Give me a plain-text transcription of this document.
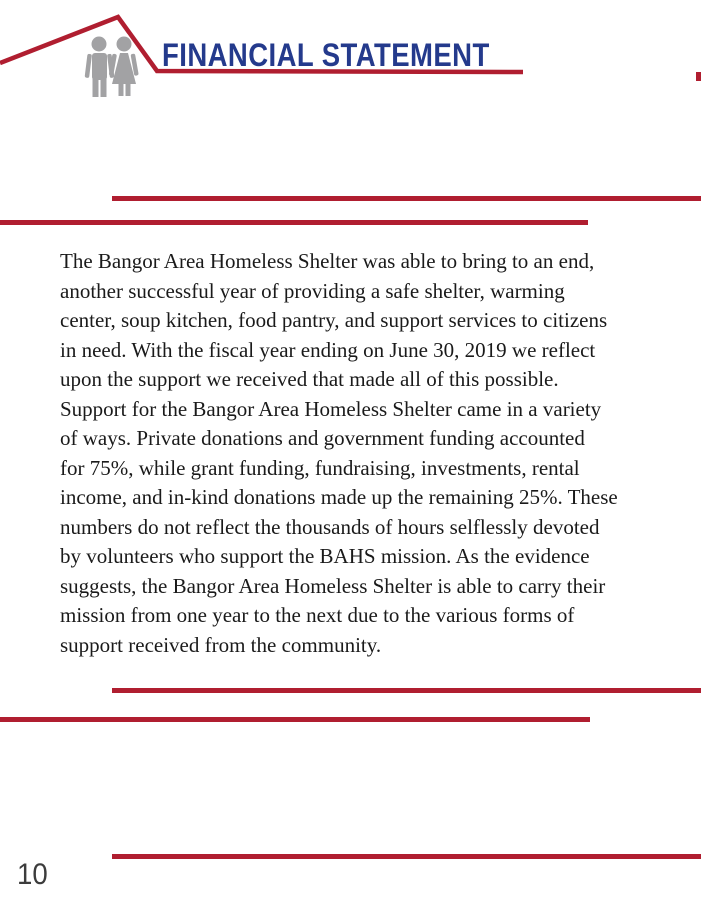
FINANCIAL STATEMENT
The Bangor Area Homeless Shelter was able to bring to an end,
another successful year of providing a safe shelter, warming
center, soup kitchen, food pantry, and support services to citizens
in need. With the fiscal year ending on June 30, 2019 we reflect
upon the support we received that made all of this possible.
Support for the Bangor Area Homeless Shelter came in a variety
of ways. Private donations and government funding accounted
for 75%, while grant funding, fundraising, investments, rental
income, and in-kind donations made up the remaining 25%. These
numbers do not reflect the thousands of hours selflessly devoted
by volunteers who support the BAHS mission. As the evidence
suggests, the Bangor Area Homeless Shelter is able to carry their
mission from one year to the next due to the various forms of
support received from the community.
10
